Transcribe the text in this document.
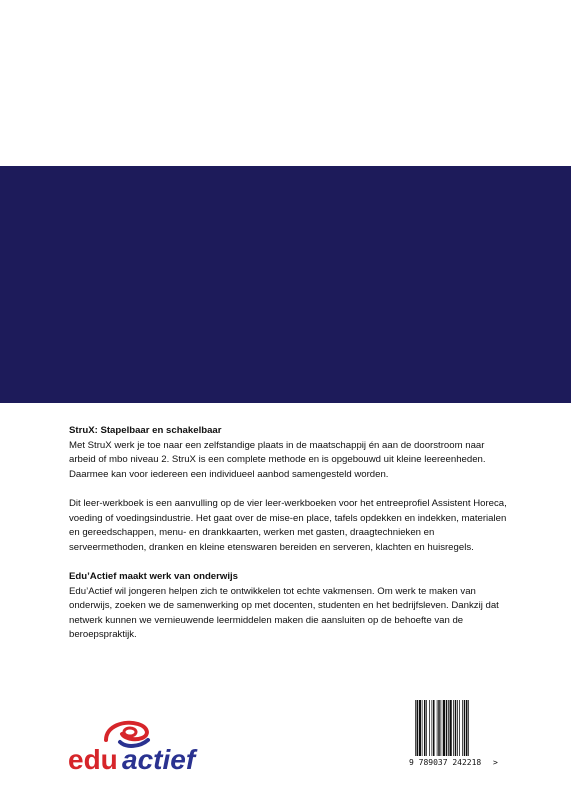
StruX: Stapelbaar en schakelbaar

Met StruX werk je toe naar een zelfstandige plaats in de maatschappij én aan de doorstroom naar arbeid of mbo niveau 2. StruX is een complete methode en is opgebouwd uit kleine leereenheden. Daarmee kan voor iedereen een individueel aanbod samengesteld worden.

Dit leer-werkboek is een aanvulling op de vier leer-werkboeken voor het entreeprofiel Assistent Horeca, voeding of voedingsindustrie. Het gaat over de mise-en place, tafels opdekken en indekken, materialen en gereedschappen, menu- en drankkaarten, werken met gasten, draagtechnieken en serveermethoden, dranken en kleine etenswaren bereiden en serveren, klachten en huisregels.

Edu’Actief maakt werk van onderwijs

Edu’Actief wil jongeren helpen zich te ontwikkelen tot echte vakmensen. Om werk te maken van onderwijs, zoeken we de samenwerking op met docenten, studenten en het bedrijfsleven. Dankzij dat netwerk kunnen we vernieuwende leermiddelen maken die aansluiten op de behoefte van de beroepspraktijk.

edu actief	9 789037 242218 >
